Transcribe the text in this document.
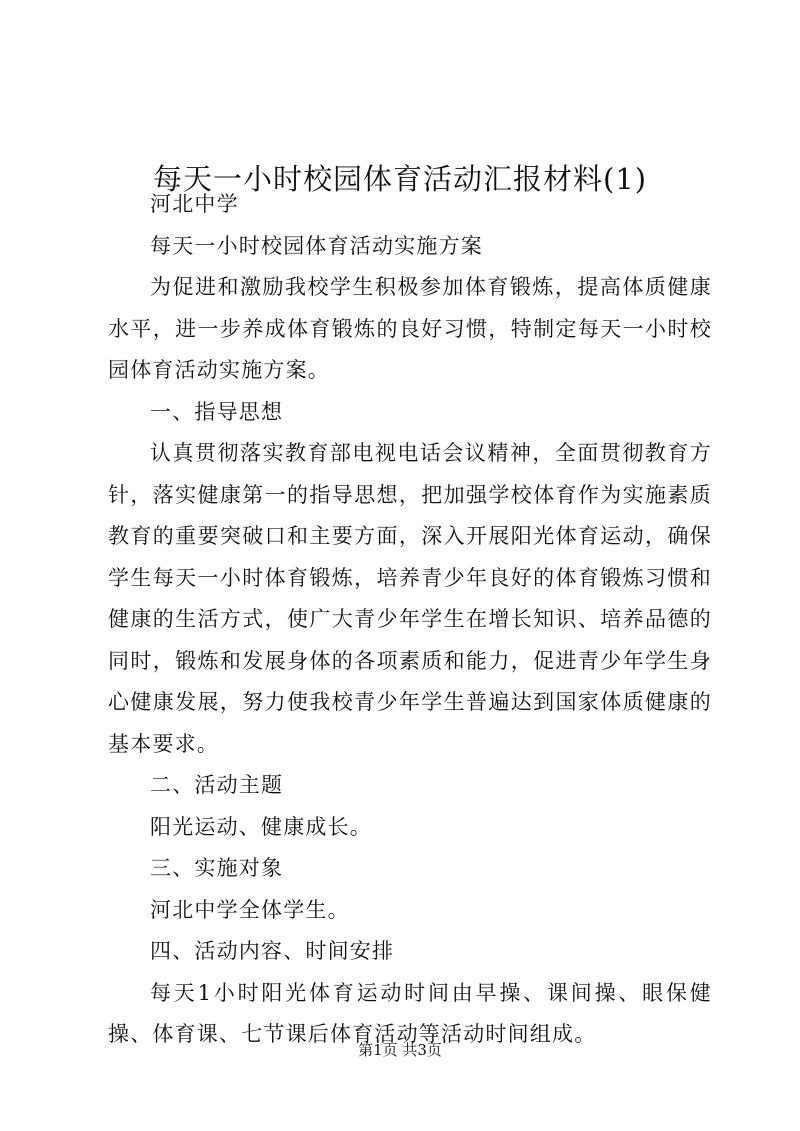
每天一小时校园体育活动汇报材料(1)

河北中学

每天一小时校园体育活动实施方案

为促进和激励我校学生积极参加体育锻炼，提高体质健康水平，进一步养成体育锻炼的良好习惯，特制定每天一小时校园体育活动实施方案。

一、指导思想

认真贯彻落实教育部电视电话会议精神，全面贯彻教育方针，落实健康第一的指导思想，把加强学校体育作为实施素质教育的重要突破口和主要方面，深入开展阳光体育运动，确保学生每天一小时体育锻炼，培养青少年良好的体育锻炼习惯和健康的生活方式，使广大青少年学生在增长知识、培养品德的同时，锻炼和发展身体的各项素质和能力，促进青少年学生身心健康发展，努力使我校青少年学生普遍达到国家体质健康的基本要求。

二、活动主题

阳光运动、健康成长。

三、实施对象

河北中学全体学生。

四、活动内容、时间安排

每天1小时阳光体育运动时间由早操、课间操、眼保健操、体育课、七节课后体育活动等活动时间组成。

第1页 共3页
